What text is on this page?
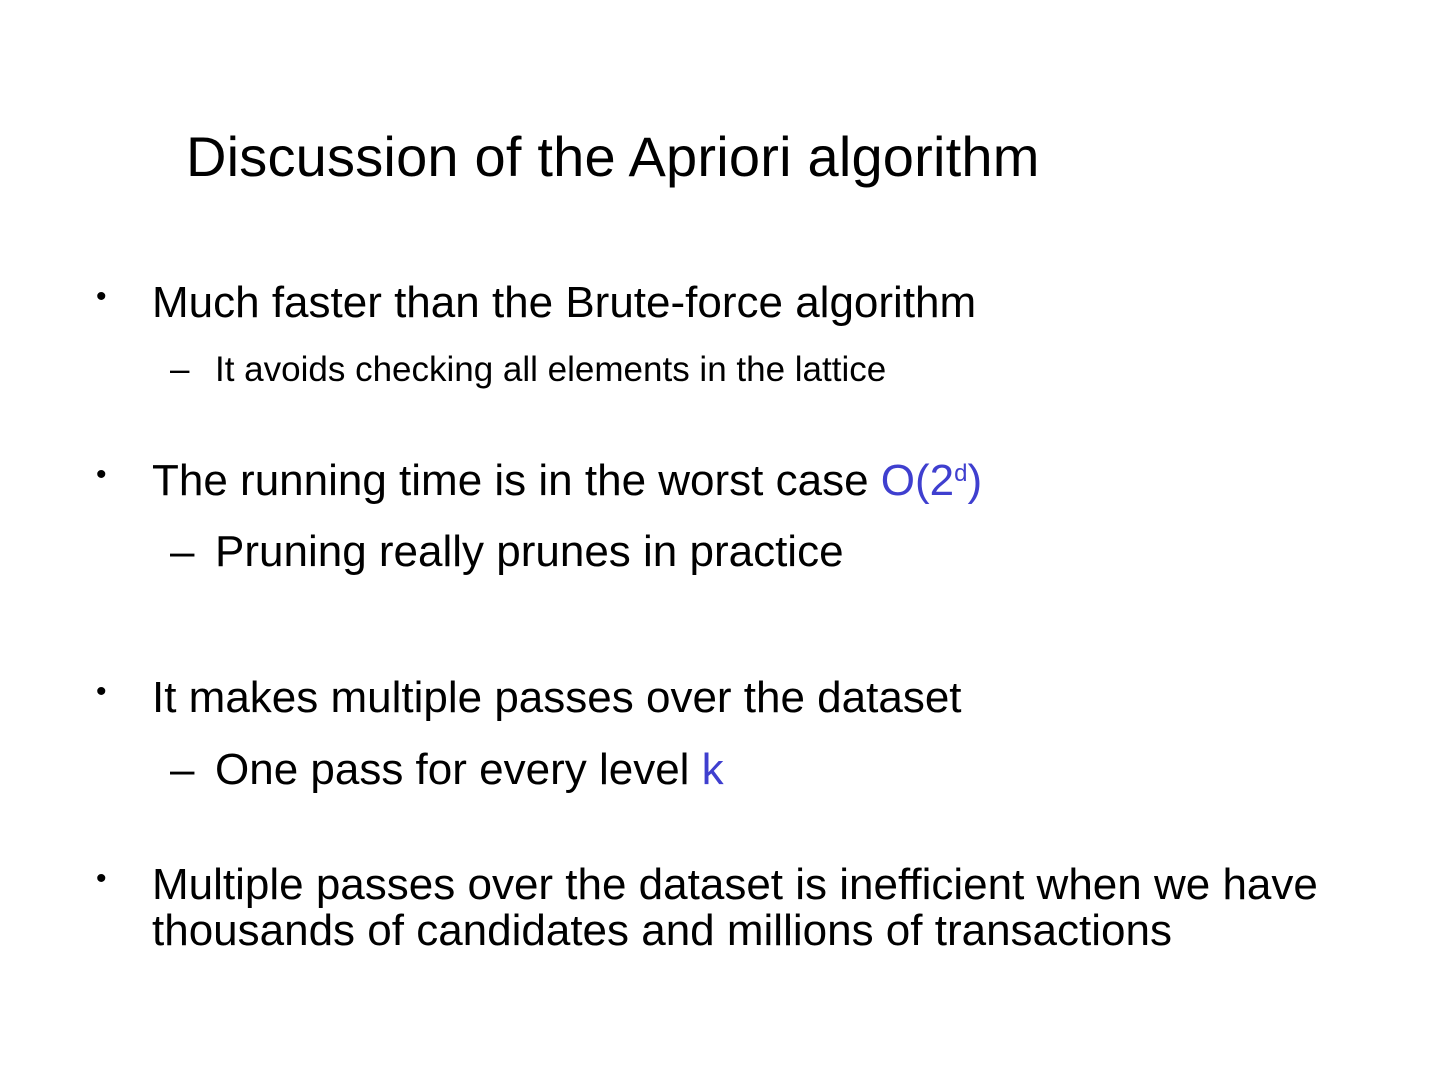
Discussion of the Apriori algorithm
• Much faster than the Brute-force algorithm
– It avoids checking all elements in the lattice
• The running time is in the worst case O(2$^d$)
– Pruning really prunes in practice
• It makes multiple passes over the dataset
– One pass for every level k
• Multiple passes over the dataset is inefficient when we have thousands of candidates and millions of transactions
